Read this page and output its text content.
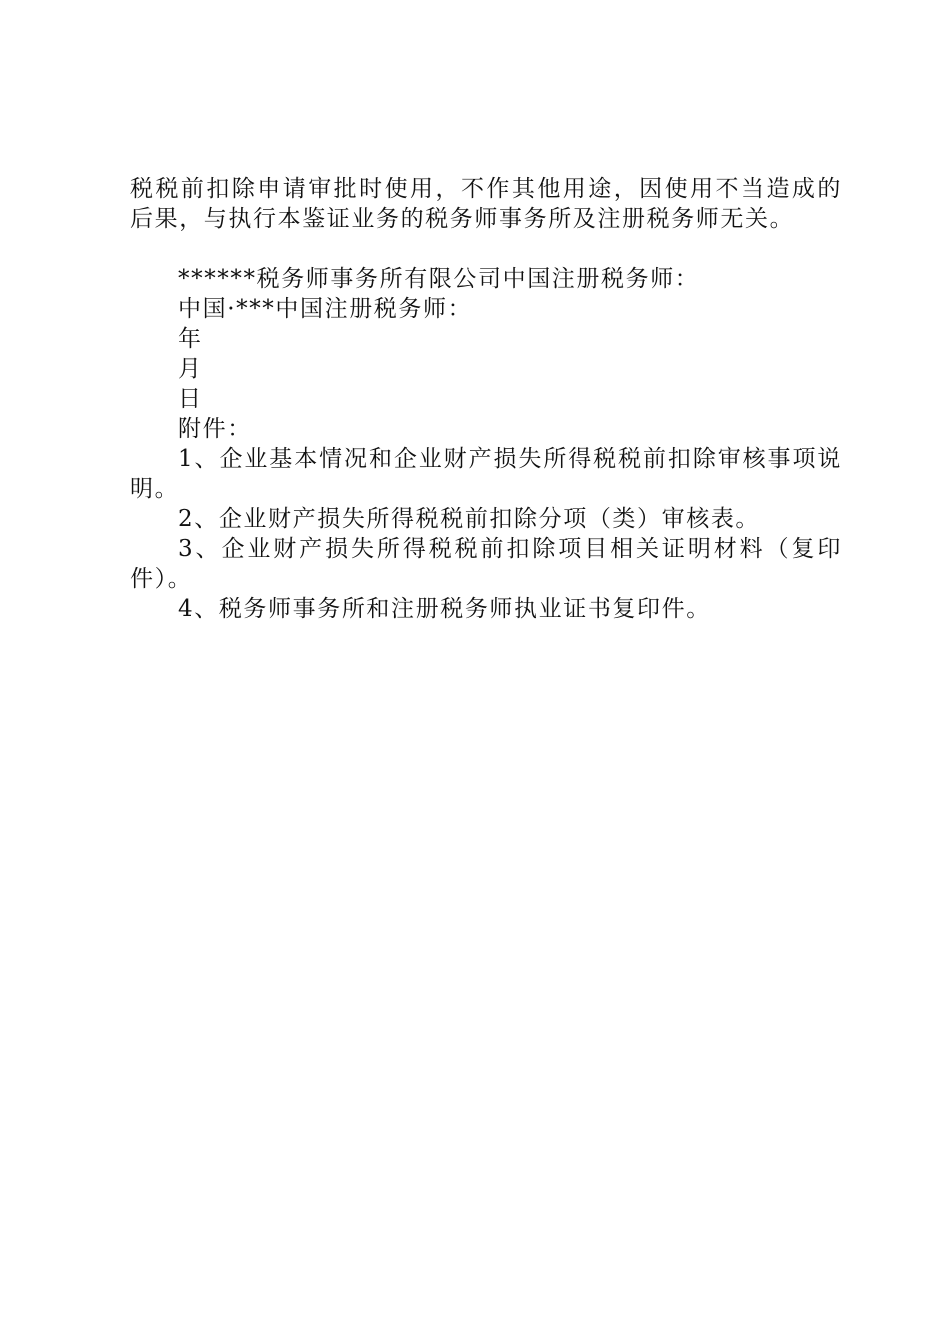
税税前扣除申请审批时使用，不作其他用途，因使用不当造成的后果，与执行本鉴证业务的税务师事务所及注册税务师无关。

******税务师事务所有限公司中国注册税务师：

中国·***中国注册税务师：

年

月

日

附件：

1、企业基本情况和企业财产损失所得税税前扣除审核事项说明。

2、企业财产损失所得税税前扣除分项（类）审核表。

3、企业财产损失所得税税前扣除项目相关证明材料（复印件）。

4、税务师事务所和注册税务师执业证书复印件。
